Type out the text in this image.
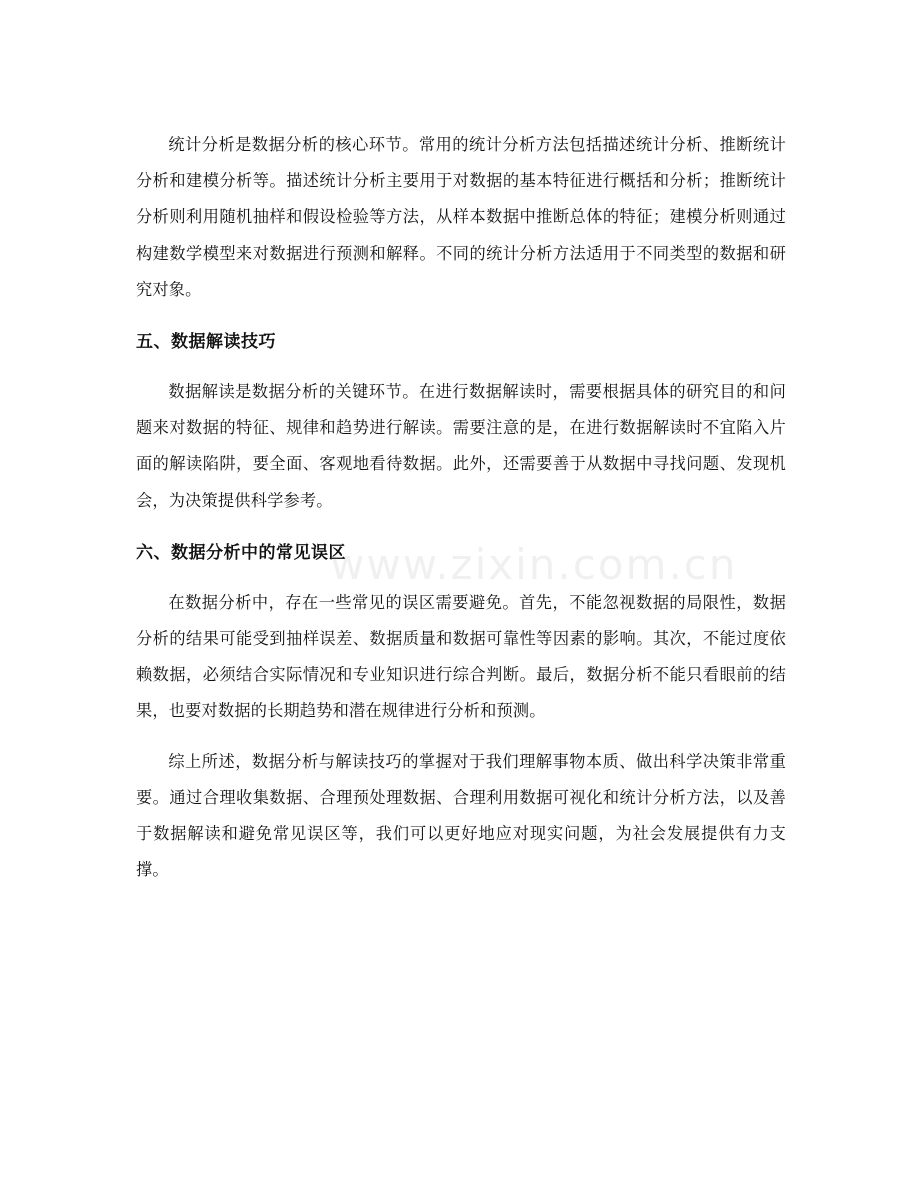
统计分析是数据分析的核心环节。常用的统计分析方法包括描述统计分析、推断统计分析和建模分析等。描述统计分析主要用于对数据的基本特征进行概括和分析；推断统计分析则利用随机抽样和假设检验等方法，从样本数据中推断总体的特征；建模分析则通过构建数学模型来对数据进行预测和解释。不同的统计分析方法适用于不同类型的数据和研究对象。

五、数据解读技巧

数据解读是数据分析的关键环节。在进行数据解读时，需要根据具体的研究目的和问题来对数据的特征、规律和趋势进行解读。需要注意的是，在进行数据解读时不宜陷入片面的解读陷阱，要全面、客观地看待数据。此外，还需要善于从数据中寻找问题、发现机会，为决策提供科学参考。

六、数据分析中的常见误区

在数据分析中，存在一些常见的误区需要避免。首先，不能忽视数据的局限性，数据分析的结果可能受到抽样误差、数据质量和数据可靠性等因素的影响。其次，不能过度依赖数据，必须结合实际情况和专业知识进行综合判断。最后，数据分析不能只看眼前的结果，也要对数据的长期趋势和潜在规律进行分析和预测。

综上所述，数据分析与解读技巧的掌握对于我们理解事物本质、做出科学决策非常重要。通过合理收集数据、合理预处理数据、合理利用数据可视化和统计分析方法，以及善于数据解读和避免常见误区等，我们可以更好地应对现实问题，为社会发展提供有力支撑。

www.zixin.com.cn
